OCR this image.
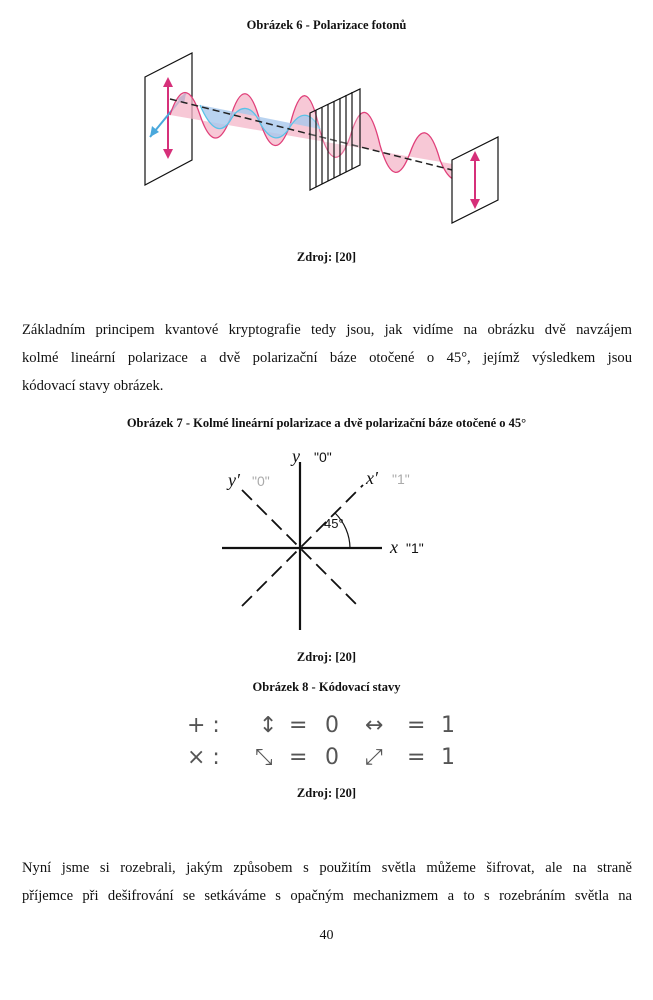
Obrázek 6 - Polarizace fotonů
Zdroj: [20]

Základním principem kvantové kryptografie tedy jsou, jak vidíme na obrázku dvě navzájem
kolmé lineární polarizace a dvě polarizační báze otočené o 45°, jejímž výsledkem jsou
kódovací stavy obrázek.

Obrázek 7 - Kolmé lineární polarizace a dvě polarizační báze otočené o 45°
y "0"
y′ "0"	x′ "1"
x "1"
45°
Zdroj: [20]
Obrázek 8 - Kódovací stavy
+ : ↕ = 0 ↔ = 1
× : ⤡ = 0 ⤢ = 1
Zdroj: [20]

Nyní jsme si rozebrali, jakým způsobem s použitím světla můžeme šifrovat, ale na straně
příjemce při dešifrování se setkáváme s opačným mechanizmem a to s rozebráním světla na

40
